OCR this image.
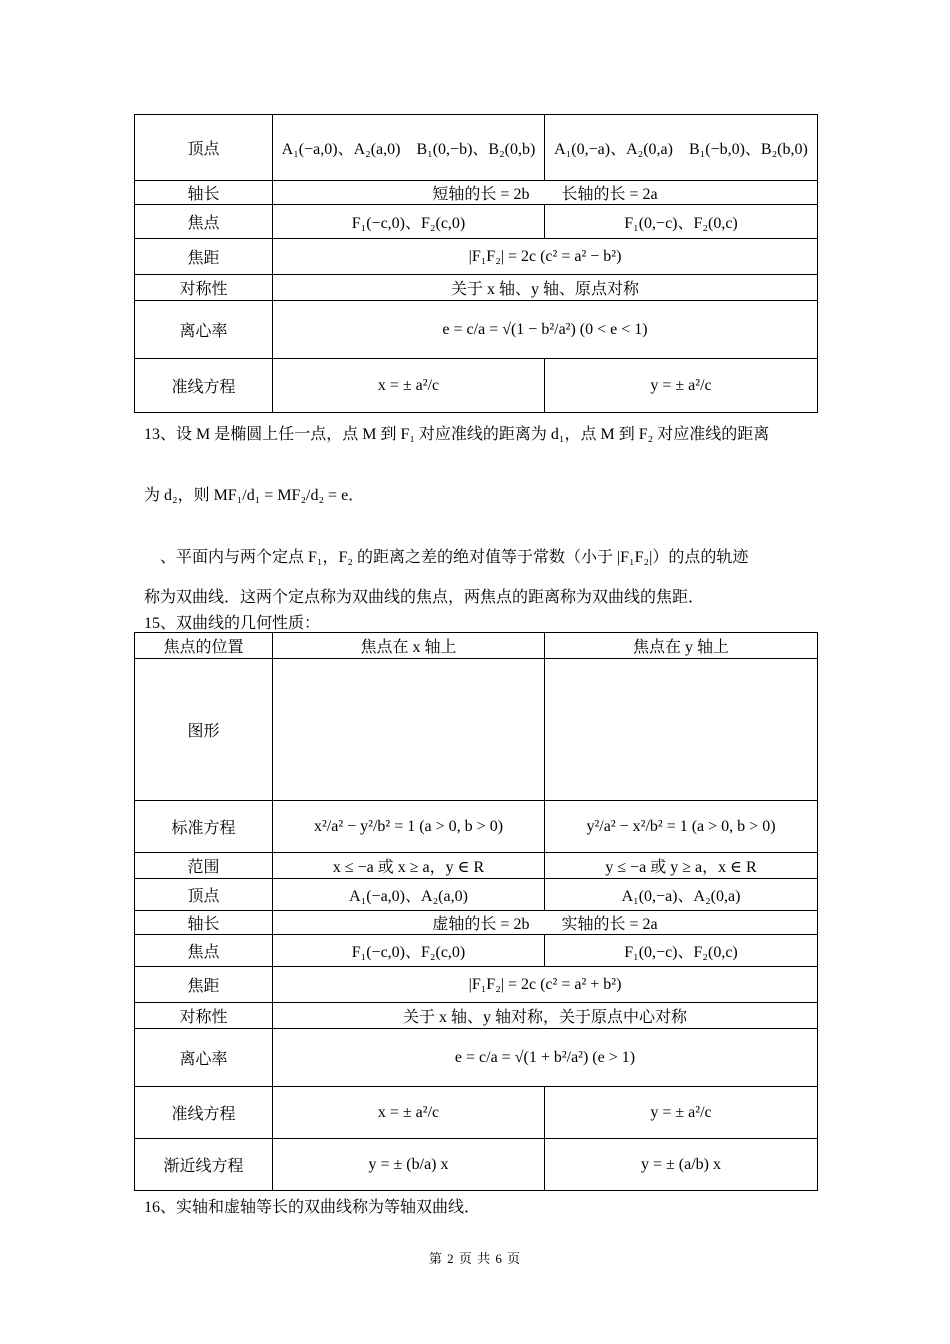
顶点	A₁(−a,0)、A₂(a,0)　B₁(0,−b)、B₂(0,b)	A₁(0,−a)、A₂(0,a)　B₁(−b,0)、B₂(b,0)
轴长	短轴的长 = 2b　　长轴的长 = 2a	
焦点	F₁(−c,0)、F₂(c,0)	F₁(0,−c)、F₂(0,c)
焦距	|F₁F₂| = 2c (c² = a² − b²)	
对称性	关于 x 轴、y 轴、原点对称	
离心率	e = c/a = √(1 − b²/a²) (0 < e < 1)	
准线方程	x = ± a²/c	y = ± a²/c
13、设 M 是椭圆上任一点，点 M 到 F₁ 对应准线的距离为 d₁，点 M 到 F₂ 对应准线的距离
为 d₂，则 MF₁/d₁ = MF₂/d₂ = e．
、平面内与两个定点 F₁，F₂ 的距离之差的绝对值等于常数（小于 |F₁F₂|）的点的轨迹
称为双曲线．这两个定点称为双曲线的焦点，两焦点的距离称为双曲线的焦距．
15、双曲线的几何性质：
焦点的位置	焦点在 x 轴上	焦点在 y 轴上
图形		
标准方程	x²/a² − y²/b² = 1 (a > 0, b > 0)	y²/a² − x²/b² = 1 (a > 0, b > 0)
范围	x ≤ −a 或 x ≥ a，y ∈ R	y ≤ −a 或 y ≥ a，x ∈ R
顶点	A₁(−a,0)、A₂(a,0)	A₁(0,−a)、A₂(0,a)
轴长	虚轴的长 = 2b　　实轴的长 = 2a	
焦点	F₁(−c,0)、F₂(c,0)	F₁(0,−c)、F₂(0,c)
焦距	|F₁F₂| = 2c (c² = a² + b²)	
对称性	关于 x 轴、y 轴对称，关于原点中心对称	
离心率	e = c/a = √(1 + b²/a²) (e > 1)	
准线方程	x = ± a²/c	y = ± a²/c
渐近线方程	y = ± (b/a) x	y = ± (a/b) x
16、实轴和虚轴等长的双曲线称为等轴双曲线．
第 2 页 共 6 页
